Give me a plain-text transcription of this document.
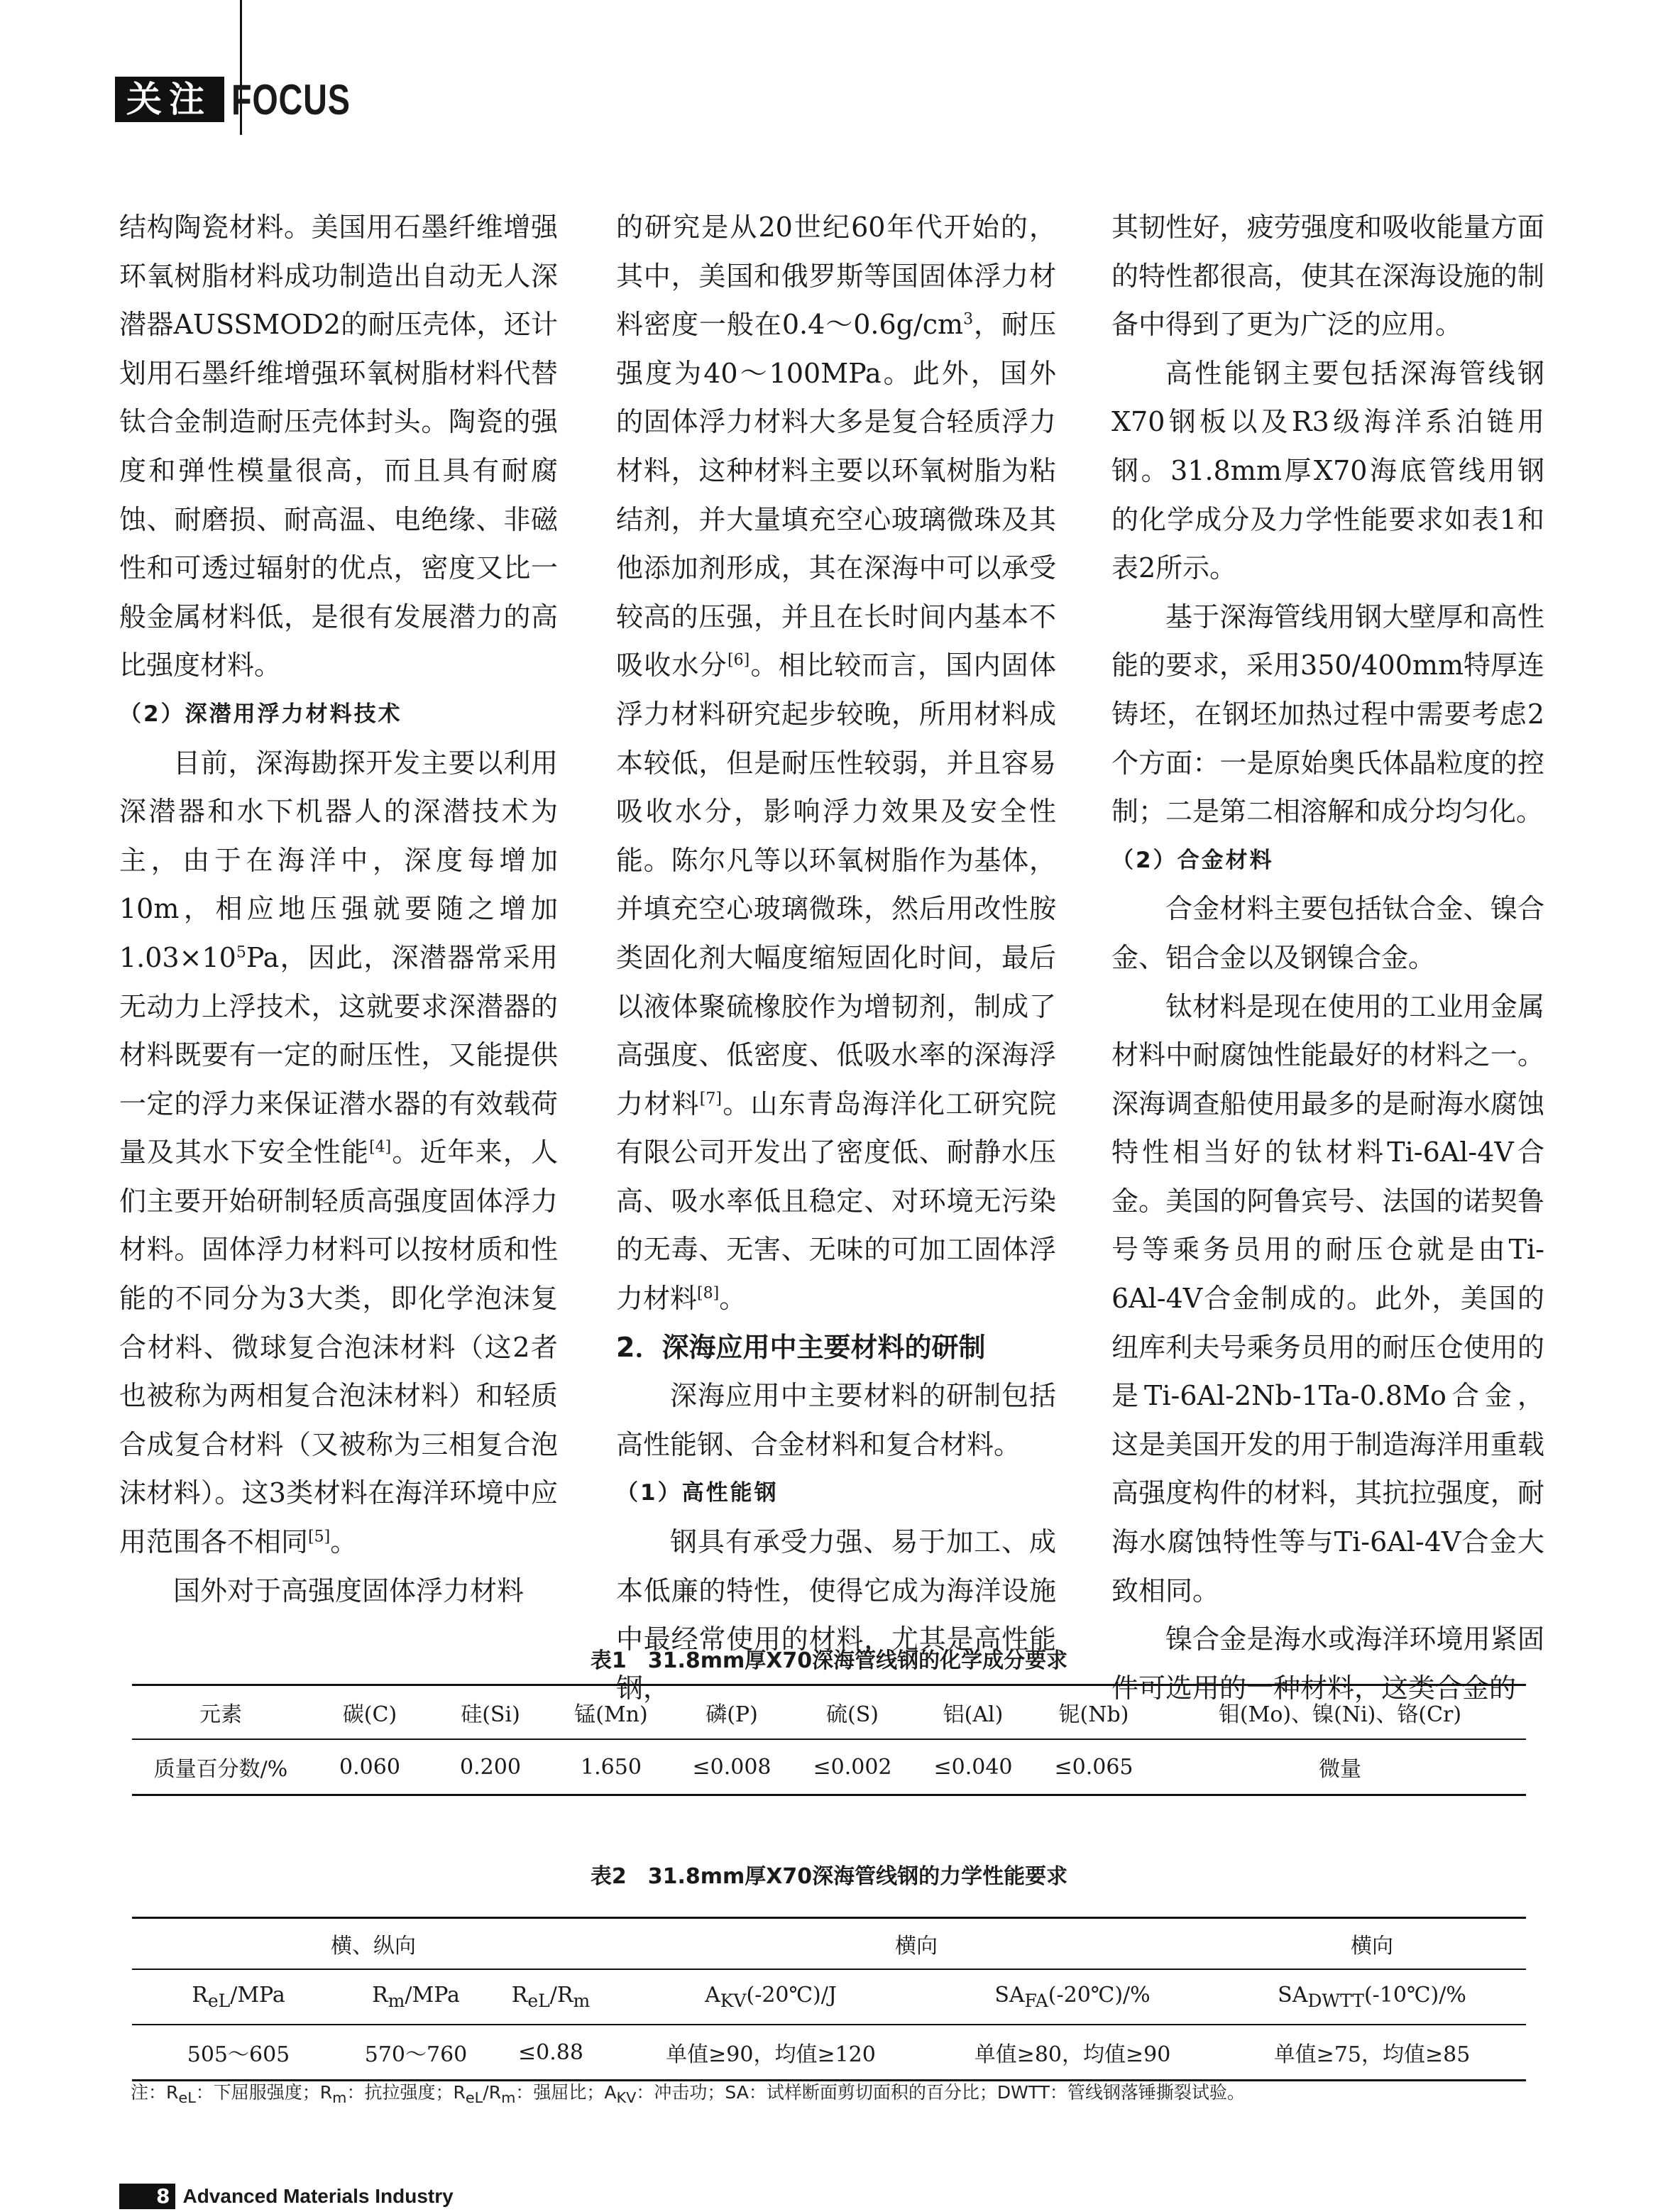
关注 FOCUS

结构陶瓷材料。美国用石墨纤维增强环氧树脂材料成功制造出自动无人深潜器AUSSMOD2的耐压壳体，还计划用石墨纤维增强环氧树脂材料代替钛合金制造耐压壳体封头。陶瓷的强度和弹性模量很高，而且具有耐腐蚀、耐磨损、耐高温、电绝缘、非磁性和可透过辐射的优点，密度又比一般金属材料低，是很有发展潜力的高比强度材料。

（2）深潜用浮力材料技术

目前，深海勘探开发主要以利用深潜器和水下机器人的深潜技术为主，由于在海洋中，深度每增加10m，相应地压强就要随之增加$1.03\times 10^5Pa$，因此，深潜器常采用无动力上浮技术，这就要求深潜器的材料既要有一定的耐压性，又能提供一定的浮力来保证潜水器的有效载荷量及其水下安全性能[4]。近年来，人们主要开始研制轻质高强度固体浮力材料。固体浮力材料可以按材质和性能的不同分为3大类，即化学泡沫复合材料、微球复合泡沫材料（这2者也被称为两相复合泡沫材料）和轻质合成复合材料（又被称为三相复合泡沫材料）。这3类材料在海洋环境中应用范围各不相同[5]。

国外对于高强度固体浮力材料

的研究是从20世纪60年代开始的，其中，美国和俄罗斯等国固体浮力材料密度一般在$0.4\sim 0.6g/cm^3$，耐压强度为40～100MPa。此外，国外的固体浮力材料大多是复合轻质浮力材料，这种材料主要以环氧树脂为粘结剂，并大量填充空心玻璃微珠及其他添加剂形成，其在深海中可以承受较高的压强，并且在长时间内基本不吸收水分[6]。相比较而言，国内固体浮力材料研究起步较晚，所用材料成本较低，但是耐压性较弱，并且容易吸收水分，影响浮力效果及安全性能。陈尔凡等以环氧树脂作为基体，并填充空心玻璃微珠，然后用改性胺类固化剂大幅度缩短固化时间，最后以液体聚硫橡胶作为增韧剂，制成了高强度、低密度、低吸水率的深海浮力材料[7]。山东青岛海洋化工研究院有限公司开发出了密度低、耐静水压高、吸水率低且稳定、对环境无污染的无毒、无害、无味的可加工固体浮力材料[8]。

2．深海应用中主要材料的研制

深海应用中主要材料的研制包括高性能钢、合金材料和复合材料。

（1）高性能钢

钢具有承受力强、易于加工、成本低廉的特性，使得它成为海洋设施中最经常使用的材料，尤其是高性能钢，

其韧性好，疲劳强度和吸收能量方面的特性都很高，使其在深海设施的制备中得到了更为广泛的应用。

高性能钢主要包括深海管线钢X70钢板以及R3级海洋系泊链用钢。31.8mm厚X70海底管线用钢的化学成分及力学性能要求如表1和表2所示。

基于深海管线用钢大壁厚和高性能的要求，采用350/400mm特厚连铸坯，在钢坯加热过程中需要考虑2个方面：一是原始奥氏体晶粒度的控制；二是第二相溶解和成分均匀化。

（2）合金材料

合金材料主要包括钛合金、镍合金、铝合金以及钢镍合金。

钛材料是现在使用的工业用金属材料中耐腐蚀性能最好的材料之一。深海调查船使用最多的是耐海水腐蚀特性相当好的钛材料Ti-6Al-4V合金。美国的阿鲁宾号、法国的诺契鲁号等乘务员用的耐压仓就是由Ti-6Al-4V合金制成的。此外，美国的纽库利夫号乘务员用的耐压仓使用的是Ti-6Al-2Nb-1Ta-0.8Mo合金，这是美国开发的用于制造海洋用重载高强度构件的材料，其抗拉强度，耐海水腐蚀特性等与Ti-6Al-4V合金大致相同。

镍合金是海水或海洋环境用紧固件可选用的一种材料，这类合金的

表1　31.8mm厚X70深海管线钢的化学成分要求
元素	碳(C)	硅(Si)	锰(Mn)	磷(P)	硫(S)	铝(Al)	铌(Nb)	钼(Mo)、镍(Ni)、铬(Cr)
质量百分数/%	0.060	0.200	1.650	≤0.008	≤0.002	≤0.040	≤0.065	微量
表2　31.8mm厚X70深海管线钢的力学性能要求
横、纵向			横向		横向
$R_{eL}$/MPa	$R_m$/MPa	$R_{eL}/R_m$	$A_{KV}(-20℃)/J$	$SA_{FA}(-20℃)/\%$	$SA_{DWTT}(-10℃)/\%$
505～605	570～760	≤0.88	单值≥90，均值≥120	单值≥80，均值≥90	单值≥75，均值≥85
注：$R_{eL}$：下屈服强度；$R_m$：抗拉强度；$R_{eL}/R_m$：强屈比；$A_{KV}$：冲击功；SA：试样断面剪切面积的百分比；DWTT：管线钢落锤撕裂试验。
8 Advanced Materials Industry
